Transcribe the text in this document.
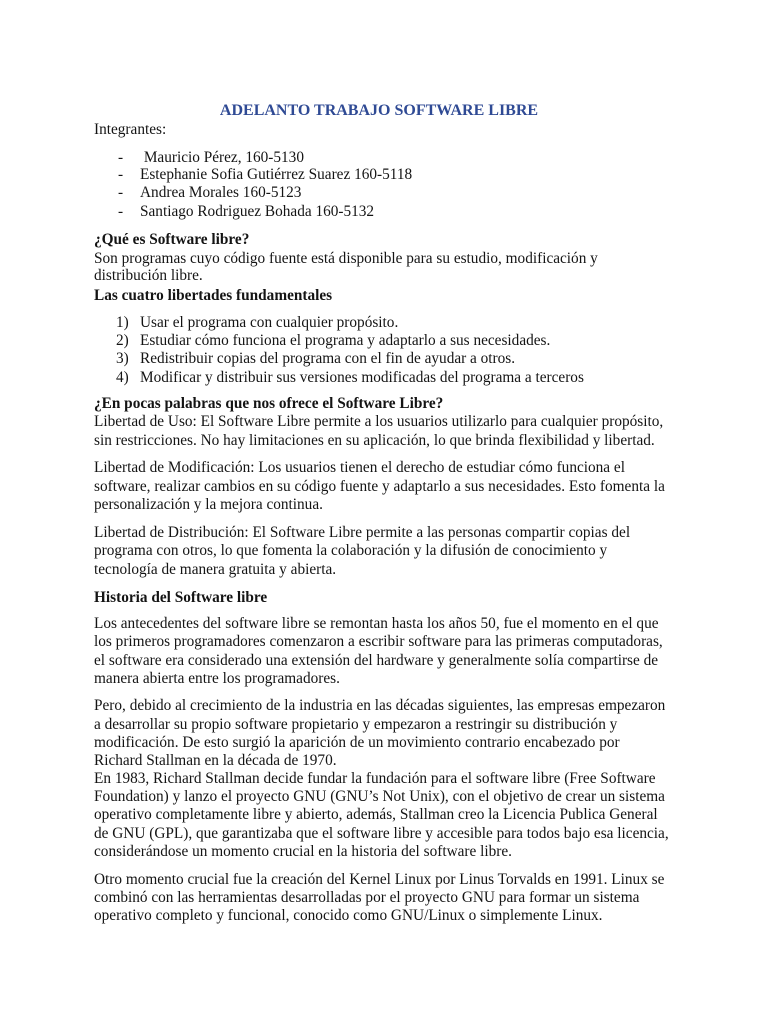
ADELANTO TRABAJO SOFTWARE LIBRE
Integrantes:
- Mauricio Pérez, 160-5130
- Estephanie Sofia Gutiérrez Suarez 160-5118
- Andrea Morales 160-5123
- Santiago Rodriguez Bohada 160-5132
¿Qué es Software libre?
Son programas cuyo código fuente está disponible para su estudio, modificación y
distribución libre.
Las cuatro libertades fundamentales
1) Usar el programa con cualquier propósito.
2) Estudiar cómo funciona el programa y adaptarlo a sus necesidades.
3) Redistribuir copias del programa con el fin de ayudar a otros.
4) Modificar y distribuir sus versiones modificadas del programa a terceros
¿En pocas palabras que nos ofrece el Software Libre?
Libertad de Uso: El Software Libre permite a los usuarios utilizarlo para cualquier propósito,
sin restricciones. No hay limitaciones en su aplicación, lo que brinda flexibilidad y libertad.
Libertad de Modificación: Los usuarios tienen el derecho de estudiar cómo funciona el
software, realizar cambios en su código fuente y adaptarlo a sus necesidades. Esto fomenta la
personalización y la mejora continua.
Libertad de Distribución: El Software Libre permite a las personas compartir copias del
programa con otros, lo que fomenta la colaboración y la difusión de conocimiento y
tecnología de manera gratuita y abierta.
Historia del Software libre
Los antecedentes del software libre se remontan hasta los años 50, fue el momento en el que
los primeros programadores comenzaron a escribir software para las primeras computadoras,
el software era considerado una extensión del hardware y generalmente solía compartirse de
manera abierta entre los programadores.
Pero, debido al crecimiento de la industria en las décadas siguientes, las empresas empezaron
a desarrollar su propio software propietario y empezaron a restringir su distribución y
modificación. De esto surgió la aparición de un movimiento contrario encabezado por
Richard Stallman en la década de 1970.
En 1983, Richard Stallman decide fundar la fundación para el software libre (Free Software
Foundation) y lanzo el proyecto GNU (GNU’s Not Unix), con el objetivo de crear un sistema
operativo completamente libre y abierto, además, Stallman creo la Licencia Publica General
de GNU (GPL), que garantizaba que el software libre y accesible para todos bajo esa licencia,
considerándose un momento crucial en la historia del software libre.
Otro momento crucial fue la creación del Kernel Linux por Linus Torvalds en 1991. Linux se
combinó con las herramientas desarrolladas por el proyecto GNU para formar un sistema
operativo completo y funcional, conocido como GNU/Linux o simplemente Linux.
